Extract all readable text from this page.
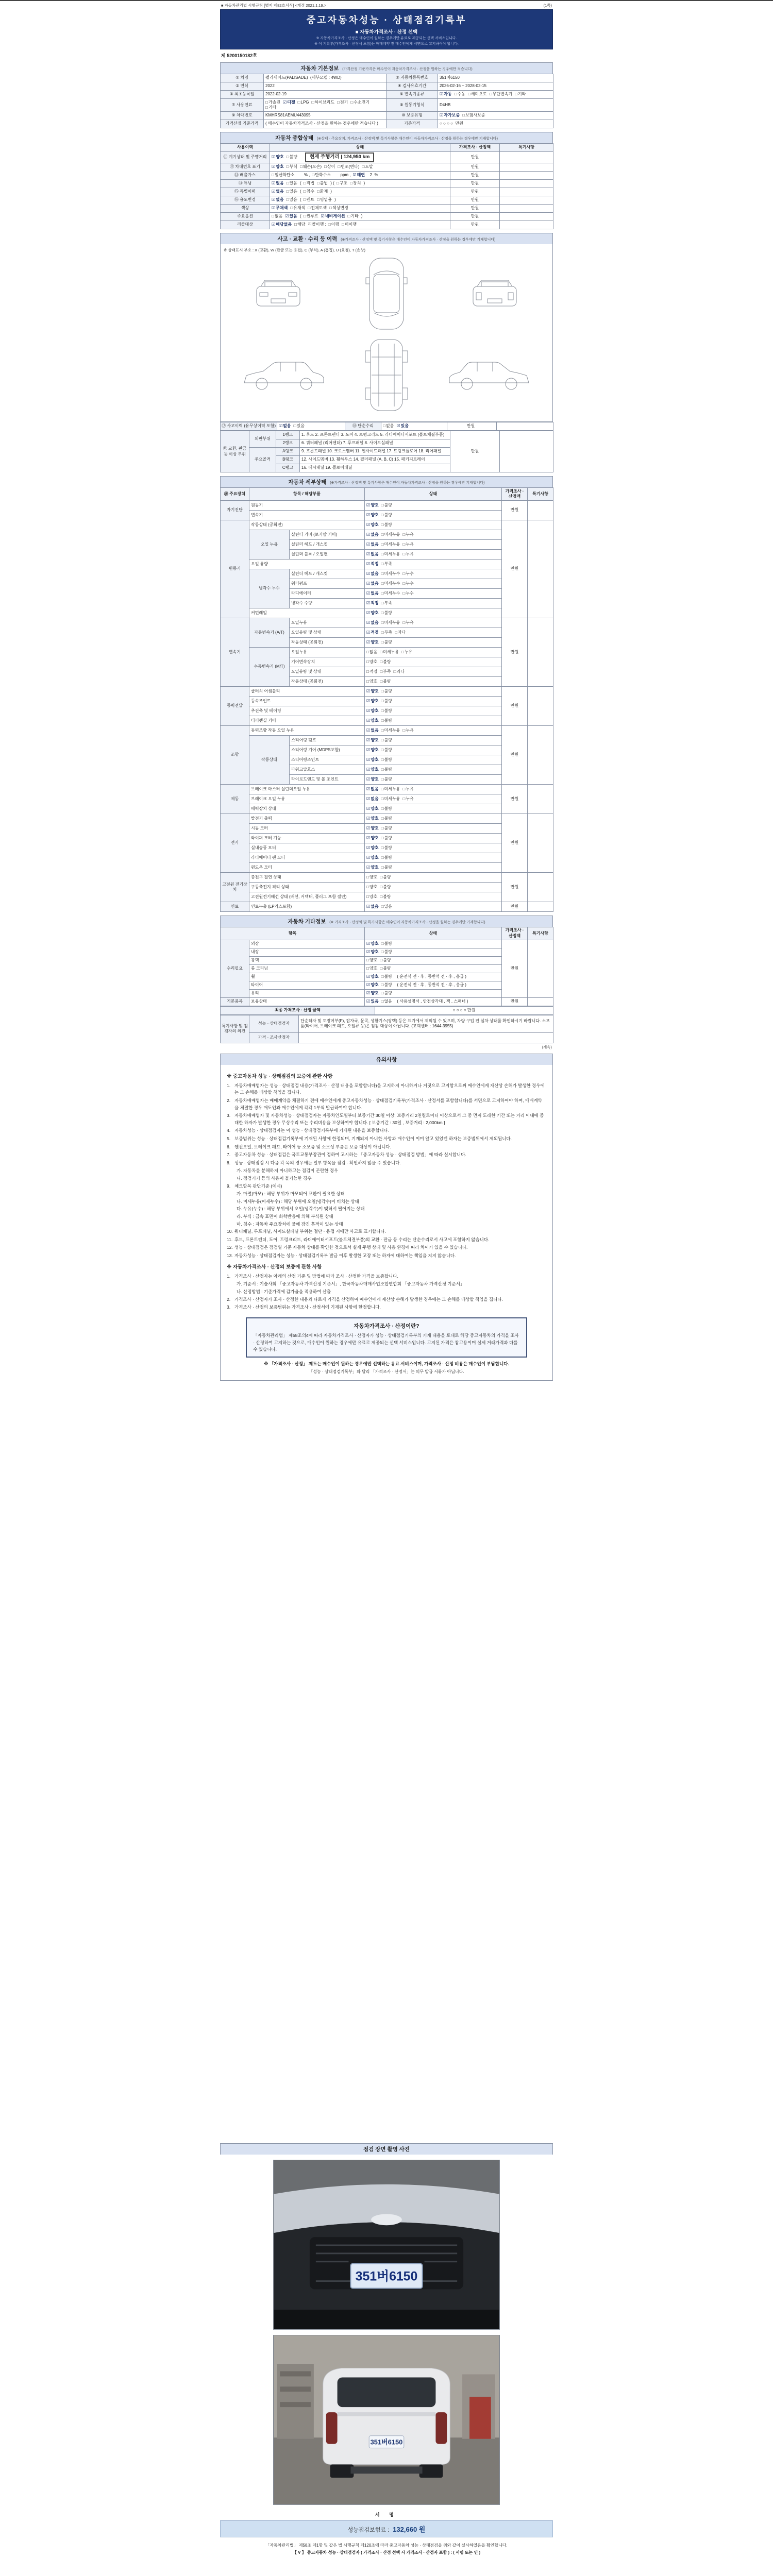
■ 자동차관리법 시행규칙 [별지 제82호서식] <개정 2021.1.19.>	(1쪽)
중고자동차성능 · 상태점검기록부
■ 자동차가격조사 · 산정 선택
※ 자동차가격조사 · 산정은 매수인이 원하는 경우에만 유료로 제공되는 선택 서비스입니다.
※ 이 기록부(가격조사 · 산정서 포함)는 매매계약 전 매수인에게 서면으로 고지하여야 합니다.
제 5200150182호
자동차 기본정보 (가격산정 기준가격은 매수인이 자동차가격조사 · 산정을 원하는 경우에만 적습니다)
① 차명	펠리세이드(PALISADE)  (세부모델 : 4WD)	② 자동차등록번호	351버6150
③ 연식	2022	④ 검사유효기간	2026-02-16 ~ 2028-02-15
⑤ 최초등록일	2022-02-19	⑥ 변속기종류	☑자동 □수동 □세미오토 □무단변속기 □기타
⑦ 사용연료	□가솔린 ☑디젤 □LPG □하이브리드 □전기 □수소전기□기타	⑧ 원동기형식	D4HB
⑨ 차대번호	KMHRS81AEMU443095	⑩ 보증유형	☑자가보증 □보험사보증
가격산정 기준가격	( 매수인이 자동차가격조사 · 산정을 원하는 경우에만 적습니다 )	기준가격	○ ○ ○ ○  만원
자동차 종합상태 (※상태 · 주요장치, 가격조사 · 산정액 및 특기사항은 매수인이 자동차가격조사 · 산정을 원하는 경우에만 기재합니다)
사용이력	상태	가격조사 · 산정액	특기사항
⑪ 계기상태 및 주행거리	☑양호 □불량 현재 주행거리 | 124,950 km	만원	
⑫ 차대번호 표기	☑양호 □부식 □훼손(오손) □상이 □변조(변타) □도말	만원	
⑬ 배출가스	□일산화탄소      % , □탄화수소      ppm , ☑매연  2  %	만원	
⑭ 튜닝	☑없음 □있음 ( □적법 □불법 ) ( □구조 □장치 )	만원	
⑮ 특별이력	☑없음 □있음 ( □침수 □화재 )	만원	
⑯ 용도변경	☑없음 □있음 ( □렌트 □영업용 )	만원	
색상	☑무채색 □유채색 □전체도색 □색상변경	만원	
주요옵션	□없음 ☑있음 ( □썬루프 ☑네비게이션 □기타 )	만원	
리콜대상	☑해당없음 □해당 리콜이행 : □이행 □미이행	만원	
사고 · 교환 · 수리 등 이력 (※가격조사 · 산정액 및 특기사항은 매수인이 자동차가격조사 · 산정을 원하는 경우에만 기재합니다)
※ 상태표시 부호 : X (교환), W (판금 또는 용접), C (부식), A (흠집), U (요철), T (손상)
⑰ 사고이력 (유무상이력 포함)	☑없음 □있음	⑱ 단순수리	□없음 ☑있음	만원	
⑲ 교환, 판금 등 이상 부위	외판부위	1랭크	1. 후드 2. 프론트펜더 3. 도어 4. 트렁크리드 5. 라디에이터서포트 (볼트체결부품)	만원	
		2랭크	6. 쿼터패널 (리어펜더) 7. 루프패널 8. 사이드실패널		
	주요골격	A랭크	9. 프론트패널 10. 크로스멤버 11. 인사이드패널 17. 트렁크플로어 18. 리어패널		
		B랭크	12. 사이드멤버 13. 휠하우스 14. 필러패널 (A, B, C) 15. 패키지트레이		
		C랭크	16. 대시패널 19. 플로어패널		
자동차 세부상태 (※가격조사 · 산정액 및 특기사항은 매수인이 자동차가격조사 · 산정을 원하는 경우에만 기재합니다)
⑳ 주요장치	항목 / 해당부품		상태	가격조사 · 산정액	특기사항
자기진단	원동기		☑양호 □불량	만원	
	변속기		☑양호 □불량		
원동기	작동상태 (공회전)		☑양호 □불량	만원	
	오일 누유	실린더 커버 (로커암 커버)	☑없음 □미세누유 □누유		
		실린더 헤드 / 개스킷	☑없음 □미세누유 □누유		
		실린더 블록 / 오일팬	☑없음 □미세누유 □누유		
	오일 유량		☑적정 □부족		
	냉각수 누수	실린더 헤드 / 개스킷	☑없음 □미세누수 □누수		
		워터펌프	☑없음 □미세누수 □누수		
		라디에이터	☑없음 □미세누수 □누수		
		냉각수 수량	☑적정 □부족		
	커먼레일		☑양호 □불량		
변속기	자동변속기 (A/T)	오일누유	☑없음 □미세누유 □누유	만원	
		오일유량 및 상태	☑적정 □부족 □과다		
		작동상태 (공회전)	☑양호 □불량		
	수동변속기 (M/T)	오일누유	□없음 □미세누유 □누유		
		기어변속장치	□양호 □불량		
		오일유량 및 상태	□적정 □부족 □과다		
		작동상태 (공회전)	□양호 □불량		
동력전달	클러치 어셈블리		☑양호 □불량	만원	
	등속조인트		☑양호 □불량		
	추진축 및 베어링		☑양호 □불량		
	디퍼렌셜 기어		☑양호 □불량		
조향	동력조향 작동 오일 누유		☑없음 □미세누유 □누유	만원	
	작동상태	스티어링 펌프	☑양호 □불량		
		스티어링 기어 (MDPS포함)	☑양호 □불량		
		스티어링조인트	☑양호 □불량		
		파워고압호스	☑양호 □불량		
		타이로드엔드 및 볼 조인트	☑양호 □불량		
제동	브레이크 마스터 실린더오일 누유		☑없음 □미세누유 □누유	만원	
	브레이크 오일 누유		☑없음 □미세누유 □누유		
	배력장치 상태		☑양호 □불량		
전기	발전기 출력		☑양호 □불량	만원	
	시동 모터		☑양호 □불량		
	와이퍼 모터 기능		☑양호 □불량		
	실내송풍 모터		☑양호 □불량		
	라디에이터 팬 모터		☑양호 □불량		
	윈도우 모터		☑양호 □불량		
고전원 전기장치	충전구 절연 상태		□양호 □불량	만원	
	구동축전지 격리 상태		□양호 □불량		
	고전원전기배선 상태 (배선, 커넥터, 플러그 포함 절연)		□양호 □불량		
연료	연료누출 (LP가스포함)		☑없음 □있음	만원	
자동차 기타정보 (※ 가격조사 · 산정액 및 특기사항은 매수인이 자동차가격조사 · 산정을 원하는 경우에만 기재합니다)
항목		상태	가격조사 · 산정액	특기사항
수리필요	외장	☑양호 □불량	만원	
	내장	☑양호 □불량		
	광택	□양호 □불량		
	룸 크리닝	□양호 □불량		
	휠	☑양호 □불량  ( 운전석 전 · 후 , 동반석 전 · 후 , 응급 )		
	타이어	☑양호 □불량  ( 운전석 전 · 후 , 동반석 전 · 후 , 응급 )		
	유리	☑양호 □불량		
기본품목	보유상태	☑있음 □없음  ( 사용설명서 , 안전삼각대 , 잭 , 스패너 )	만원	
최종 가격조사 · 산정 금액	○ ○ ○ ○ 만원
특기사항 및 점검자의 의견	성능 · 상태점검자	단순하자 및 도장여부(F), 잡자국, 문콕, 생활기스(광택) 등은 표기에서 제외될 수 있으며, 차량 구입 전 실차 상태를 확인하시기 바랍니다. 소모품(타이어, 브레이크 패드, 오일류 등)은 점검 대상이 아닙니다. (고객센터 : 1644-3955)
	가격 · 조사산정자	
(계속)
유의사항
※ 중고자동차 성능 · 상태점검의 보증에 관한 사항
1. 자동차매매업자는 성능 · 상태점검 내용(가격조사 · 산정 내용을 포함합니다)을 고지하지 아니하거나 거짓으로 고지함으로써 매수인에게 재산상 손해가 발생한 경우에는 그 손해를 배상할 책임을 집니다.
2. 자동차매매업자는 매매계약을 체결하기 전에 매수인에게 중고자동차성능 · 상태점검기록부(가격조사 · 산정서를 포함합니다)를 서면으로 고지하여야 하며, 매매계약을 체결한 경우 매도인과 매수인에게 각각 1부씩 발급하여야 합니다.
3. 자동차매매업자 및 자동차성능 · 상태점검자는 자동차인도일부터 보증기간 30일 이상, 보증거리 2천킬로미터 이상으로서 그 중 먼저 도래한 기간 또는 거리 이내에 중대한 하자가 발생한 경우 무상수리 또는 수리비용을 보상하여야 합니다. [ 보증기간 : 30일 , 보증거리 : 2,000km ]
4. 자동차성능 · 상태점검자는 이 성능 · 상태점검기록부에 기재된 내용을 보증합니다.
5. 보증범위는 성능 · 상태점검기록부에 기재된 사항에 한정되며, 기재되지 아니한 사항과 매수인이 이미 알고 있었던 하자는 보증범위에서 제외됩니다.
6. 엔진오일, 브레이크 패드, 타이어 등 소모품 및 소모성 부품은 보증 대상이 아닙니다.
7. 중고자동차 성능 · 상태점검은 국토교통부장관이 정하여 고시하는 「중고자동차 성능 · 상태점검 방법」에 따라 실시합니다.
8. 성능 · 상태점검 시 다음 각 목의 경우에는 일부 항목을 점검 · 확인하지 않을 수 있습니다.
가. 자동차를 분해하지 아니하고는 점검이 곤란한 경우
나. 점검기기 등의 사용이 불가능한 경우
9. 체크항목 판단기준 (예시)
가. 마멸(마모) : 해당 부위가 마모되어 교환이 필요한 상태
나. 미세누유(미세누수) : 해당 부위에 오일(냉각수)이 비치는 상태
다. 누유(누수) : 해당 부위에서 오일(냉각수)이 맺혀서 떨어지는 상태
라. 부식 : 금속 표면이 화학반응에 의해 부식된 상태
마. 침수 : 자동차 주요장치에 물에 잠긴 흔적이 있는 상태
10. 쿼터패널, 루프패널, 사이드실패널 부위는 절단 · 용접 시에만 사고로 표기합니다.
11. 후드, 프론트펜더, 도어, 트렁크리드, 라디에이터서포트(볼트체결부품)의 교환 · 판금 등 수리는 단순수리로서 사고에 포함하지 않습니다.
12. 성능 · 상태점검은 점검일 기준 자동차 상태를 확인한 것으로서 실제 주행 상태 및 사용 환경에 따라 차이가 있을 수 있습니다.
13. 자동차성능 · 상태점검자는 성능 · 상태점검기록부 발급 이후 발생한 고장 또는 하자에 대하여는 책임을 지지 않습니다.
※ 자동차가격조사 · 산정의 보증에 관한 사항
1. 가격조사 · 산정자는 아래의 산정 기준 및 방법에 따라 조사 · 산정한 가격을 보증합니다.
가. 기준서 : 기술사회 「중고자동차 가격산정 기준서」, 한국자동차매매사업조합연합회 「중고자동차 가격산정 기준서」
나. 산정방법 : 기준가격에 감가율을 적용하여 산출
2. 가격조사 · 산정자가 조사 · 산정한 내용과 다르게 가격을 산정하여 매수인에게 재산상 손해가 발생한 경우에는 그 손해를 배상할 책임을 집니다.
3. 가격조사 · 산정의 보증범위는 가격조사 · 산정서에 기재된 사항에 한정합니다.
자동차가격조사 · 산정이란?
「자동차관리법」 제58조의4에 따라 자동차가격조사 · 산정자가 성능 · 상태점검기록부의 기재 내용을 토대로 해당 중고자동차의 가격을 조사 · 산정하여 고지하는 것으로, 매수인이 원하는 경우에만 유료로 제공되는 선택 서비스입니다. 고지된 가격은 참고용이며 실제 거래가격과 다를 수 있습니다.
※ 「가격조사 · 산정」 제도는 매수인이 원하는 경우에만 선택하는 유료 서비스이며, 가격조사 · 산정 비용은 매수인이 부담합니다.
「성능 · 상태점검기록부」와 달리 「가격조사 · 산정서」는 의무 발급 서류가 아닙니다.
점검 장면 촬영 사진
351버6150
351버6150
서 명
성능점검보험료 : 132,660 원
「자동차관리법」 제58조 제1항 및 같은 법 시행규칙 제120조에 따라 중고자동차 성능 · 상태점검을 위와 같이 실시하였음을 확인합니다.
【 V 】 중고자동차 성능 · 상태점검자 ( 가격조사 · 산정 선택 시 가격조사 · 산정자 포함 ) : ( 서명 또는 인 )
